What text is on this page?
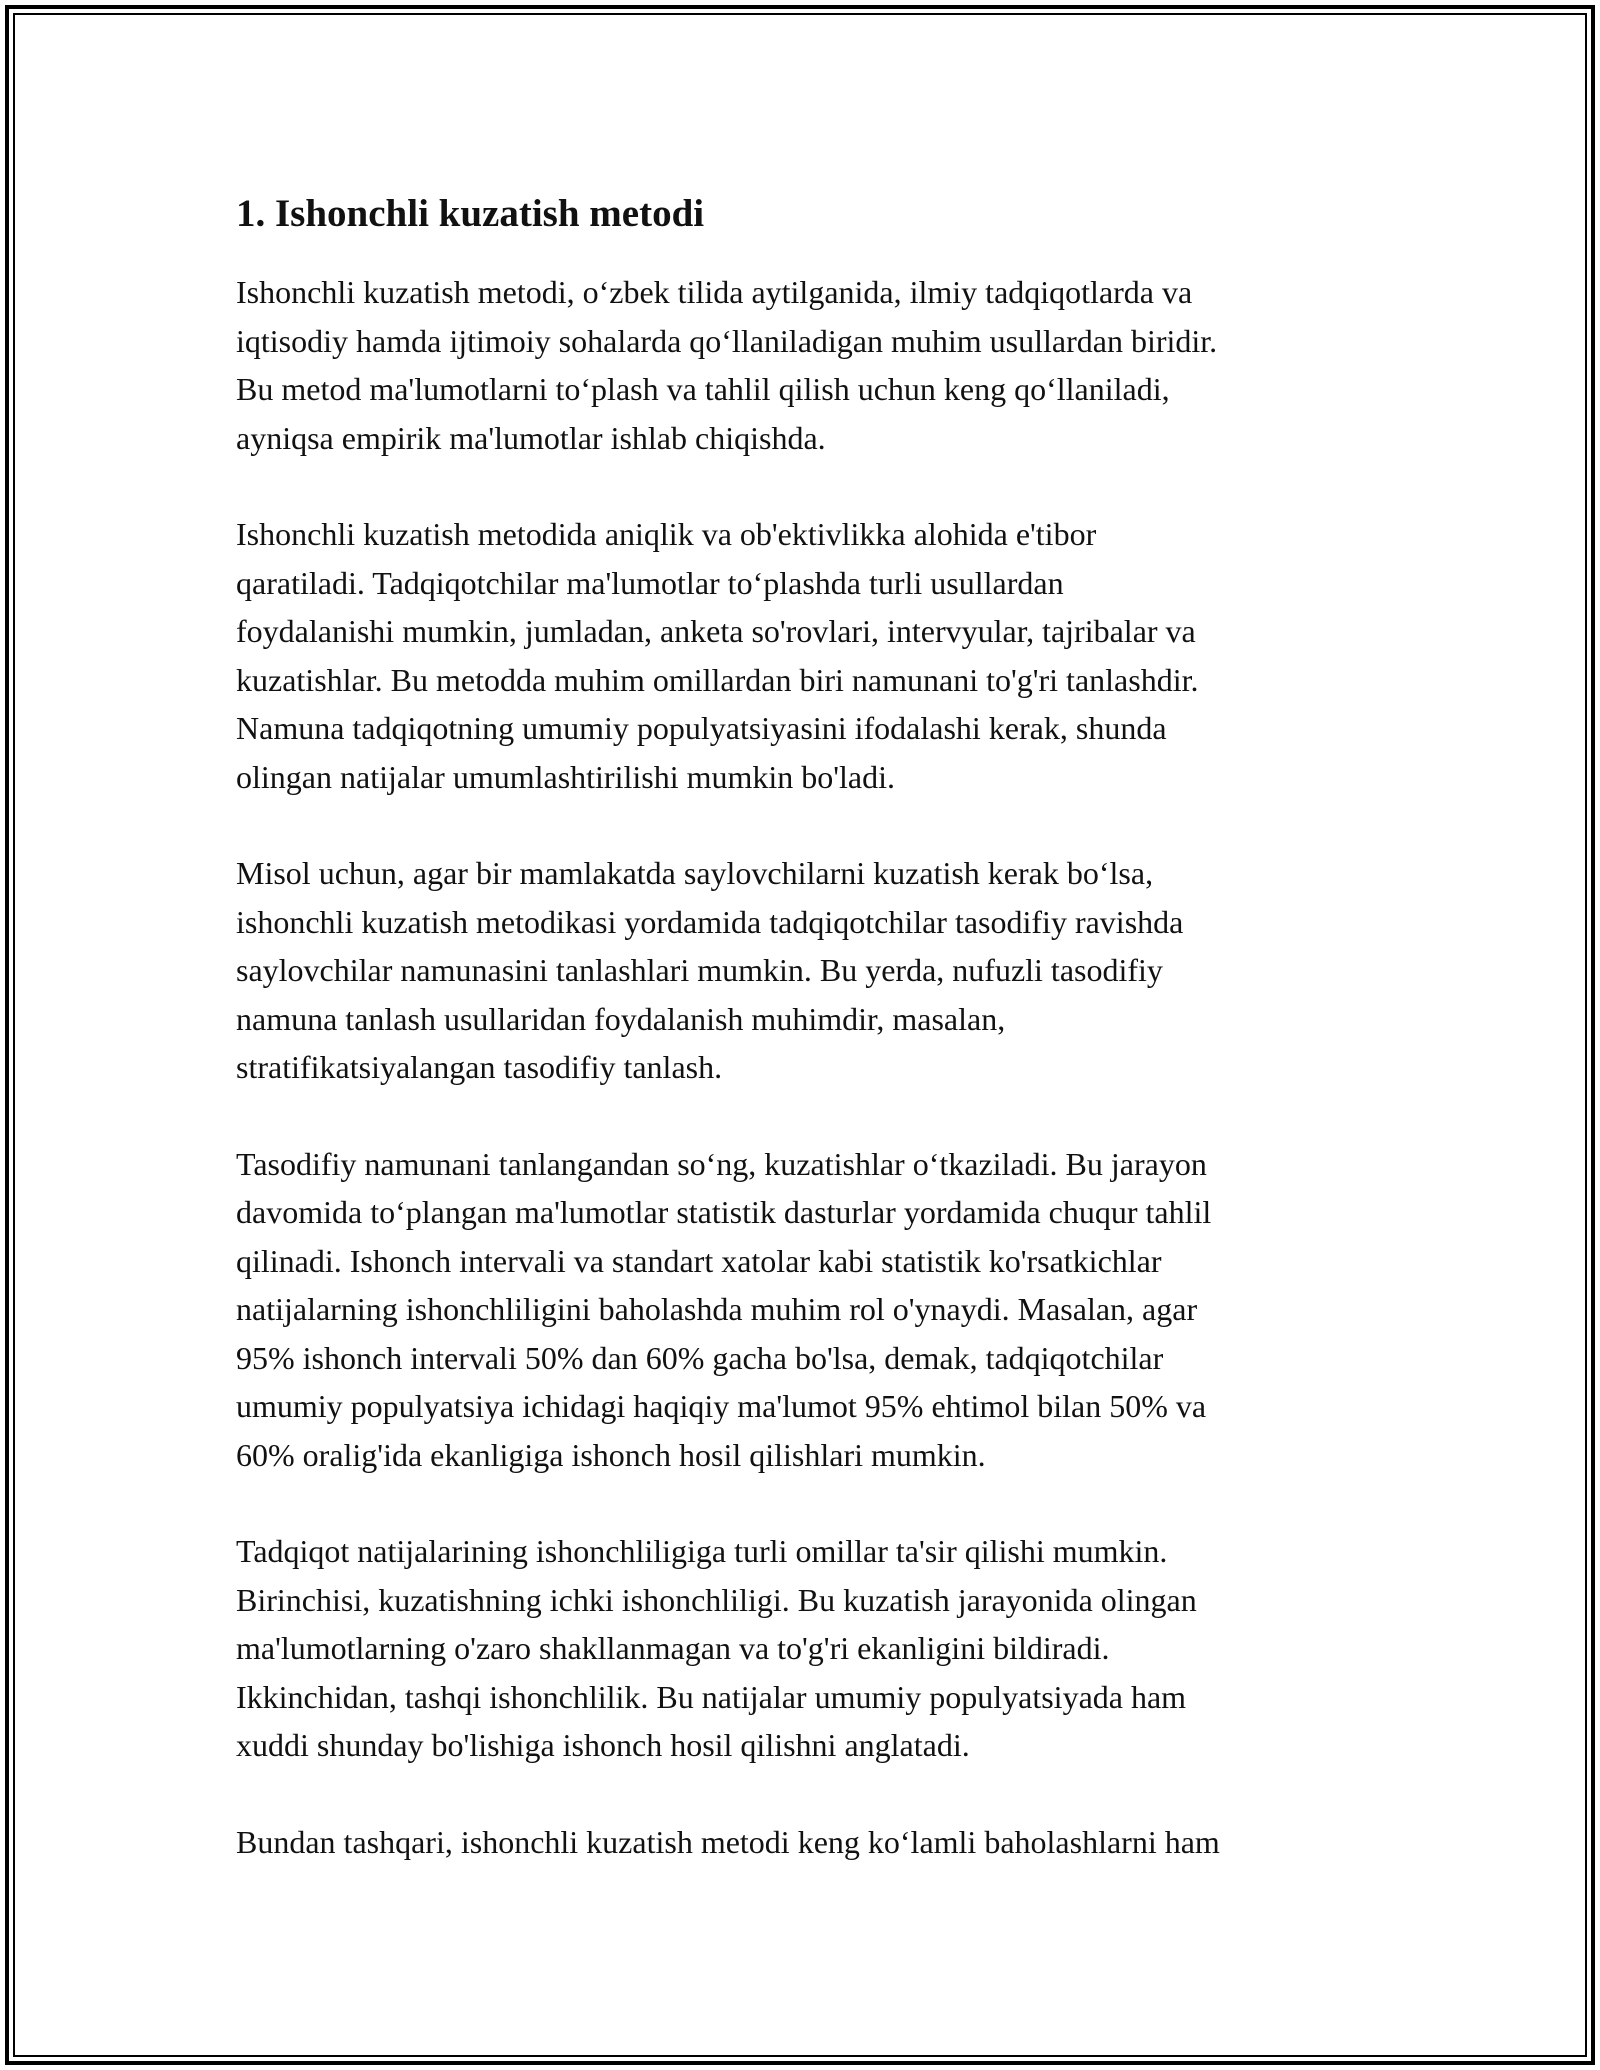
1. Ishonchli kuzatish metodi

Ishonchli kuzatish metodi, o‘zbek tilida aytilganida, ilmiy tadqiqotlarda va
iqtisodiy hamda ijtimoiy sohalarda qo‘llaniladigan muhim usullardan biridir.
Bu metod ma'lumotlarni to‘plash va tahlil qilish uchun keng qo‘llaniladi,
ayniqsa empirik ma'lumotlar ishlab chiqishda.

Ishonchli kuzatish metodida aniqlik va ob'ektivlikka alohida e'tibor
qaratiladi. Tadqiqotchilar ma'lumotlar to‘plashda turli usullardan
foydalanishi mumkin, jumladan, anketa so'rovlari, intervyular, tajribalar va
kuzatishlar. Bu metodda muhim omillardan biri namunani to'g'ri tanlashdir.
Namuna tadqiqotning umumiy populyatsiyasini ifodalashi kerak, shunda
olingan natijalar umumlashtirilishi mumkin bo'ladi.

Misol uchun, agar bir mamlakatda saylovchilarni kuzatish kerak bo‘lsa,
ishonchli kuzatish metodikasi yordamida tadqiqotchilar tasodifiy ravishda
saylovchilar namunasini tanlashlari mumkin. Bu yerda, nufuzli tasodifiy
namuna tanlash usullaridan foydalanish muhimdir, masalan,
stratifikatsiyalangan tasodifiy tanlash.

Tasodifiy namunani tanlangandan so‘ng, kuzatishlar o‘tkaziladi. Bu jarayon
davomida to‘plangan ma'lumotlar statistik dasturlar yordamida chuqur tahlil
qilinadi. Ishonch intervali va standart xatolar kabi statistik ko'rsatkichlar
natijalarning ishonchliligini baholashda muhim rol o'ynaydi. Masalan, agar
95% ishonch intervali 50% dan 60% gacha bo'lsa, demak, tadqiqotchilar
umumiy populyatsiya ichidagi haqiqiy ma'lumot 95% ehtimol bilan 50% va
60% oralig'ida ekanligiga ishonch hosil qilishlari mumkin.

Tadqiqot natijalarining ishonchliligiga turli omillar ta'sir qilishi mumkin.
Birinchisi, kuzatishning ichki ishonchliligi. Bu kuzatish jarayonida olingan
ma'lumotlarning o'zaro shakllanmagan va to'g'ri ekanligini bildiradi.
Ikkinchidan, tashqi ishonchlilik. Bu natijalar umumiy populyatsiyada ham
xuddi shunday bo'lishiga ishonch hosil qilishni anglatadi.

Bundan tashqari, ishonchli kuzatish metodi keng ko‘lamli baholashlarni ham
